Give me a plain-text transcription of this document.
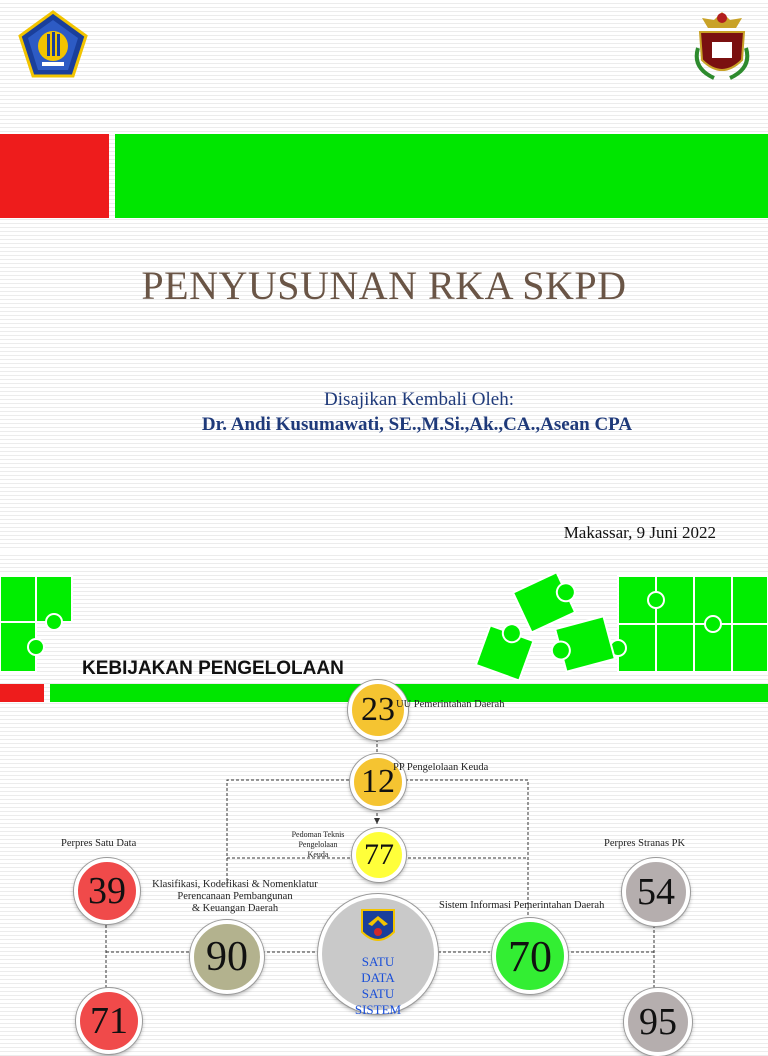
PENYUSUNAN RKA SKPD
Disajikan Kembali Oleh:
Dr. Andi Kusumawati, SE.,M.Si.,Ak.,CA.,Asean CPA
Makassar, 9 Juni 2022
KEBIJAKAN PENGELOLAAN
23 UU Pemerintahan Daerah
12
PP Pengelolaan Keuda
77
Pedoman Teknis
Pengelolaan
Keuda
39
Perpres Satu Data
90
Klasifikasi, Kodefikasi & Nomenklatur
Perencanaan Pembangunan
& Keuangan Daerah
SATU
DATA
SATU
SISTEM
70
Sistem Informasi Pemerintahan Daerah 54
Perpres Stranas PK
71	95
